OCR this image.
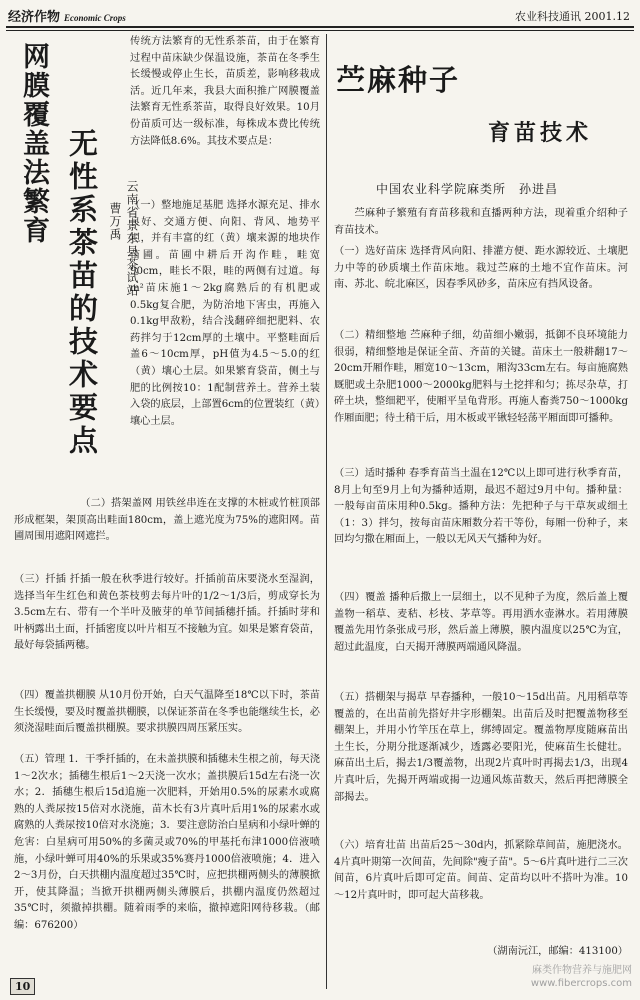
经济作物 Economic Crops	农业科技通讯 2001.12
网膜覆盖法繁育 无性系茶苗的技术要点	云南省景东县茶试站
曹万禹
传统方法繁育的无性系茶苗，由于在繁育过程中苗床缺少保温设施，茶苗在冬季生长缓慢或停止生长，苗质差，影响移栽成活。近几年来，我县大面积推广网膜覆盖法繁育无性系茶苗，取得良好效果。10月份苗质可达一级标准，每株成本费比传统方法降低8.6%。其技术要点是：
（一）整地施足基肥 选择水源充足、排水良好、交通方便、向阳、背风、地势平坦，并有丰富的红（黄）壤来源的地块作苗圃。苗圃中耕后开沟作畦，畦宽90cm，畦长不限，畦的两侧有过道。每m²苗床施1～2kg腐熟后的有机肥或0.5kg复合肥，为防治地下害虫，再施入0.1kg甲敌粉，结合浅翻碎细把肥料、农药拌匀于12cm厚的土壤中。平整畦面后盖6～10cm厚，pH值为4.5～5.0的红（黄）壤心土层。如果繁育袋苗，侧土与肥的比例按10：1配制营养土。营养土装入袋的底层，上部置6cm的位置装红（黄）壤心土层。
（二）搭架盖网 用铁丝串连在支撑的木桩或竹桩顶部形成框架，架顶高出畦面180cm，盖上遮光度为75%的遮阳网。苗圃周围用遮阳网遮拦。
（三）扦插 扦插一般在秋季进行较好。扦插前苗床要浇水至湿润，选择当年生红色和黄色茶枝剪去每片叶的1/2～1/3后，剪成穿长为3.5cm左右、带有一个半叶及腋芽的单节间插穗扦插。扦插时芽和叶柄露出土面，扦插密度以叶片相互不接触为宜。如果是繁育袋苗，最好每袋插两穗。
（四）覆盖拱棚膜 从10月份开始，白天气温降至18℃以下时，茶苗生长缓慢，要及时覆盖拱棚膜，以保证茶苗在冬季也能继续生长，必须浇湿畦面后覆盖拱棚膜。要求拱膜四周压紧压实。
（五）管理 1．干季扦插的，在未盖拱膜和插穗未生根之前，每天浇1～2次水；插穗生根后1～2天浇一次水；盖拱膜后15d左右浇一次水；2．插穗生根后15d追施一次肥料，开始用0.5%的尿素水或腐熟的人粪尿按15倍对水浇施，苗木长有3片真叶后用1%的尿素水或腐熟的人粪尿按10倍对水浇施；3．要注意防治白星病和小绿叶蝉的危害：白星病可用50%的多菌灵或70%的甲基托布津1000倍液喷施，小绿叶蝉可用40%的乐果或35%赛丹1000倍液喷施；4．进入2～3月份，白天拱棚内温度超过35℃时，应把拱棚两侧头的薄膜掀开，使其降温；当掀开拱棚两侧头薄膜后，拱棚内温度仍然超过35℃时，须撤掉拱棚。随着雨季的来临，撤掉遮阳网待移栽。（邮编：676200）
苎麻种子
育苗技术
中国农业科学院麻类所　孙进昌
苎麻种子繁殖有育苗移栽和直播两种方法，现着重介绍种子育苗技术。
（一）选好苗床 选择背风向阳、排灌方便、距水源较近、土壤肥力中等的砂质壤土作苗床地。栽过苎麻的土地不宜作苗床。河南、苏北、皖北麻区，因春季风砂多，苗床应有挡风设备。
（二）精细整地 苎麻种子细，幼苗细小嫩弱，抵御不良环境能力很弱，精细整地是保证全苗、齐苗的关键。苗床土一般耕翻17～20cm开厢作畦，厢宽10～13cm，厢沟33cm左右。每亩施腐熟厩肥或土杂肥1000～2000kg肥料与土挖拌和匀；拣尽杂草，打碎土块，整细耙平，使厢平呈龟背形。再施人畜粪750～1000kg作厢面肥；待土稍干后，用木板或平锹轻轻荡平厢面即可播种。
（三）适时播种 春季育苗当土温在12℃以上即可进行秋季育苗，8月上旬至9月上旬为播种适期，最迟不超过9月中旬。播种量：一般每亩苗床用种0.5kg。播种方法：先把种子与干草灰或细土（1：3）拌匀，按每亩苗床厢数分若干等份，每厢一份种子，来回均匀撒在厢面上，一般以无风天气播种为好。
（四）覆盖 播种后撒上一层细土，以不见种子为度，然后盖上覆盖物一稻草、麦秸、杉枝、茅草等。再用洒水壶淋水。若用薄膜覆盖先用竹条张成弓形，然后盖上薄膜，膜内温度以25℃为宜，超过此温度，白天揭开薄膜两端通风降温。
（五）搭棚架与揭草 早春播种，一般10～15d出苗。凡用稻草等覆盖的，在出苗前先搭好井字形棚架。出苗后及时把覆盖物移至棚架上，并用小竹竿压在草上，绑缚固定。覆盖物厚度随麻苗出土生长，分期分批逐渐减少，透露必要阳光，使麻苗生长健壮。麻苗出土后，揭去1/3覆盖物，出现2片真叶时再揭去1/3，出现4片真叶后，先揭开两端或揭一边通风炼苗数天，然后再把薄膜全部揭去。
（六）培育壮苗 出苗后25～30d内，抓紧除草间苗，施肥浇水。4片真叶期第一次间苗，先间除"瘦子苗"。5～6片真叶进行二三次间苗，6片真叶后即可定苗。间苗、定苗均以叶不搭叶为准。10～12片真叶时，即可起大苗移栽。
（湖南沅江，邮编：413100）
10
麻类作物营养与施肥网
www.fibercrops.com
